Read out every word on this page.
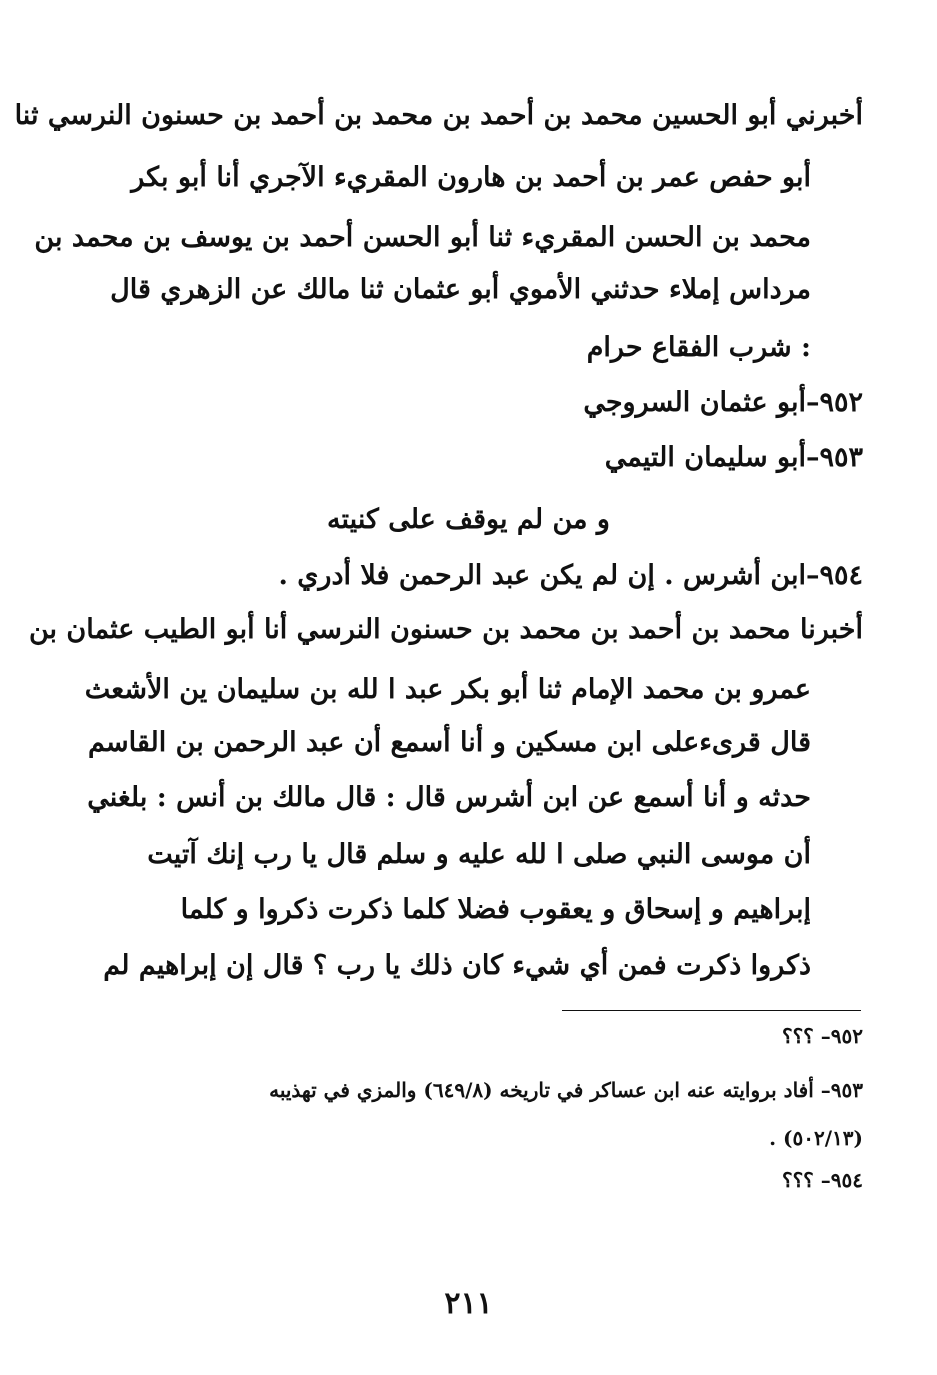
أخبرني أبو الحسين محمد بن أحمد بن محمد بن أحمد بن حسنون النرسي ثنا
أبو حفص عمر بن أحمد بن هارون المقريء الآجري أنا أبو بكر
محمد بن الحسن المقريء ثنا أبو الحسن أحمد بن يوسف بن محمد بن
مرداس إملاء حدثني الأموي أبو عثمان ثنا مالك عن الزهري قال
: شرب الفقاع حرام
٩٥٢–أبو عثمان السروجي
٩٥٣–أبو سليمان التيمي
و من لم يوقف على كنيته
٩٥٤–ابن أشرس . إن لم يكن عبد الرحمن فلا أدري .
أخبرنا محمد بن أحمد بن محمد بن حسنون النرسي أنا أبو الطيب عثمان بن
عمرو بن محمد الإمام ثنا أبو بكر عبد ا لله بن سليمان ين الأشعث
قال قرىءعلى ابن مسكين و أنا أسمع أن عبد الرحمن بن القاسم
حدثه و أنا أسمع عن ابن أشرس قال : قال مالك بن أنس : بلغني
أن موسى النبي صلى ا لله عليه و سلم قال يا رب إنك آتيت
إبراهيم و إسحاق و يعقوب فضلا كلما ذكرت ذكروا و كلما
ذكروا ذكرت فمن أي شيء كان ذلك يا رب ؟ قال إن إبراهيم لم
٩٥٢– ؟؟؟
٩٥٣– أفاد بروايته عنه ابن عساكر في تاريخه (٦٤٩/٨) والمزي في تهذيبه
(٥٠٢/١٣) .
٩٥٤– ؟؟؟
٢١١
